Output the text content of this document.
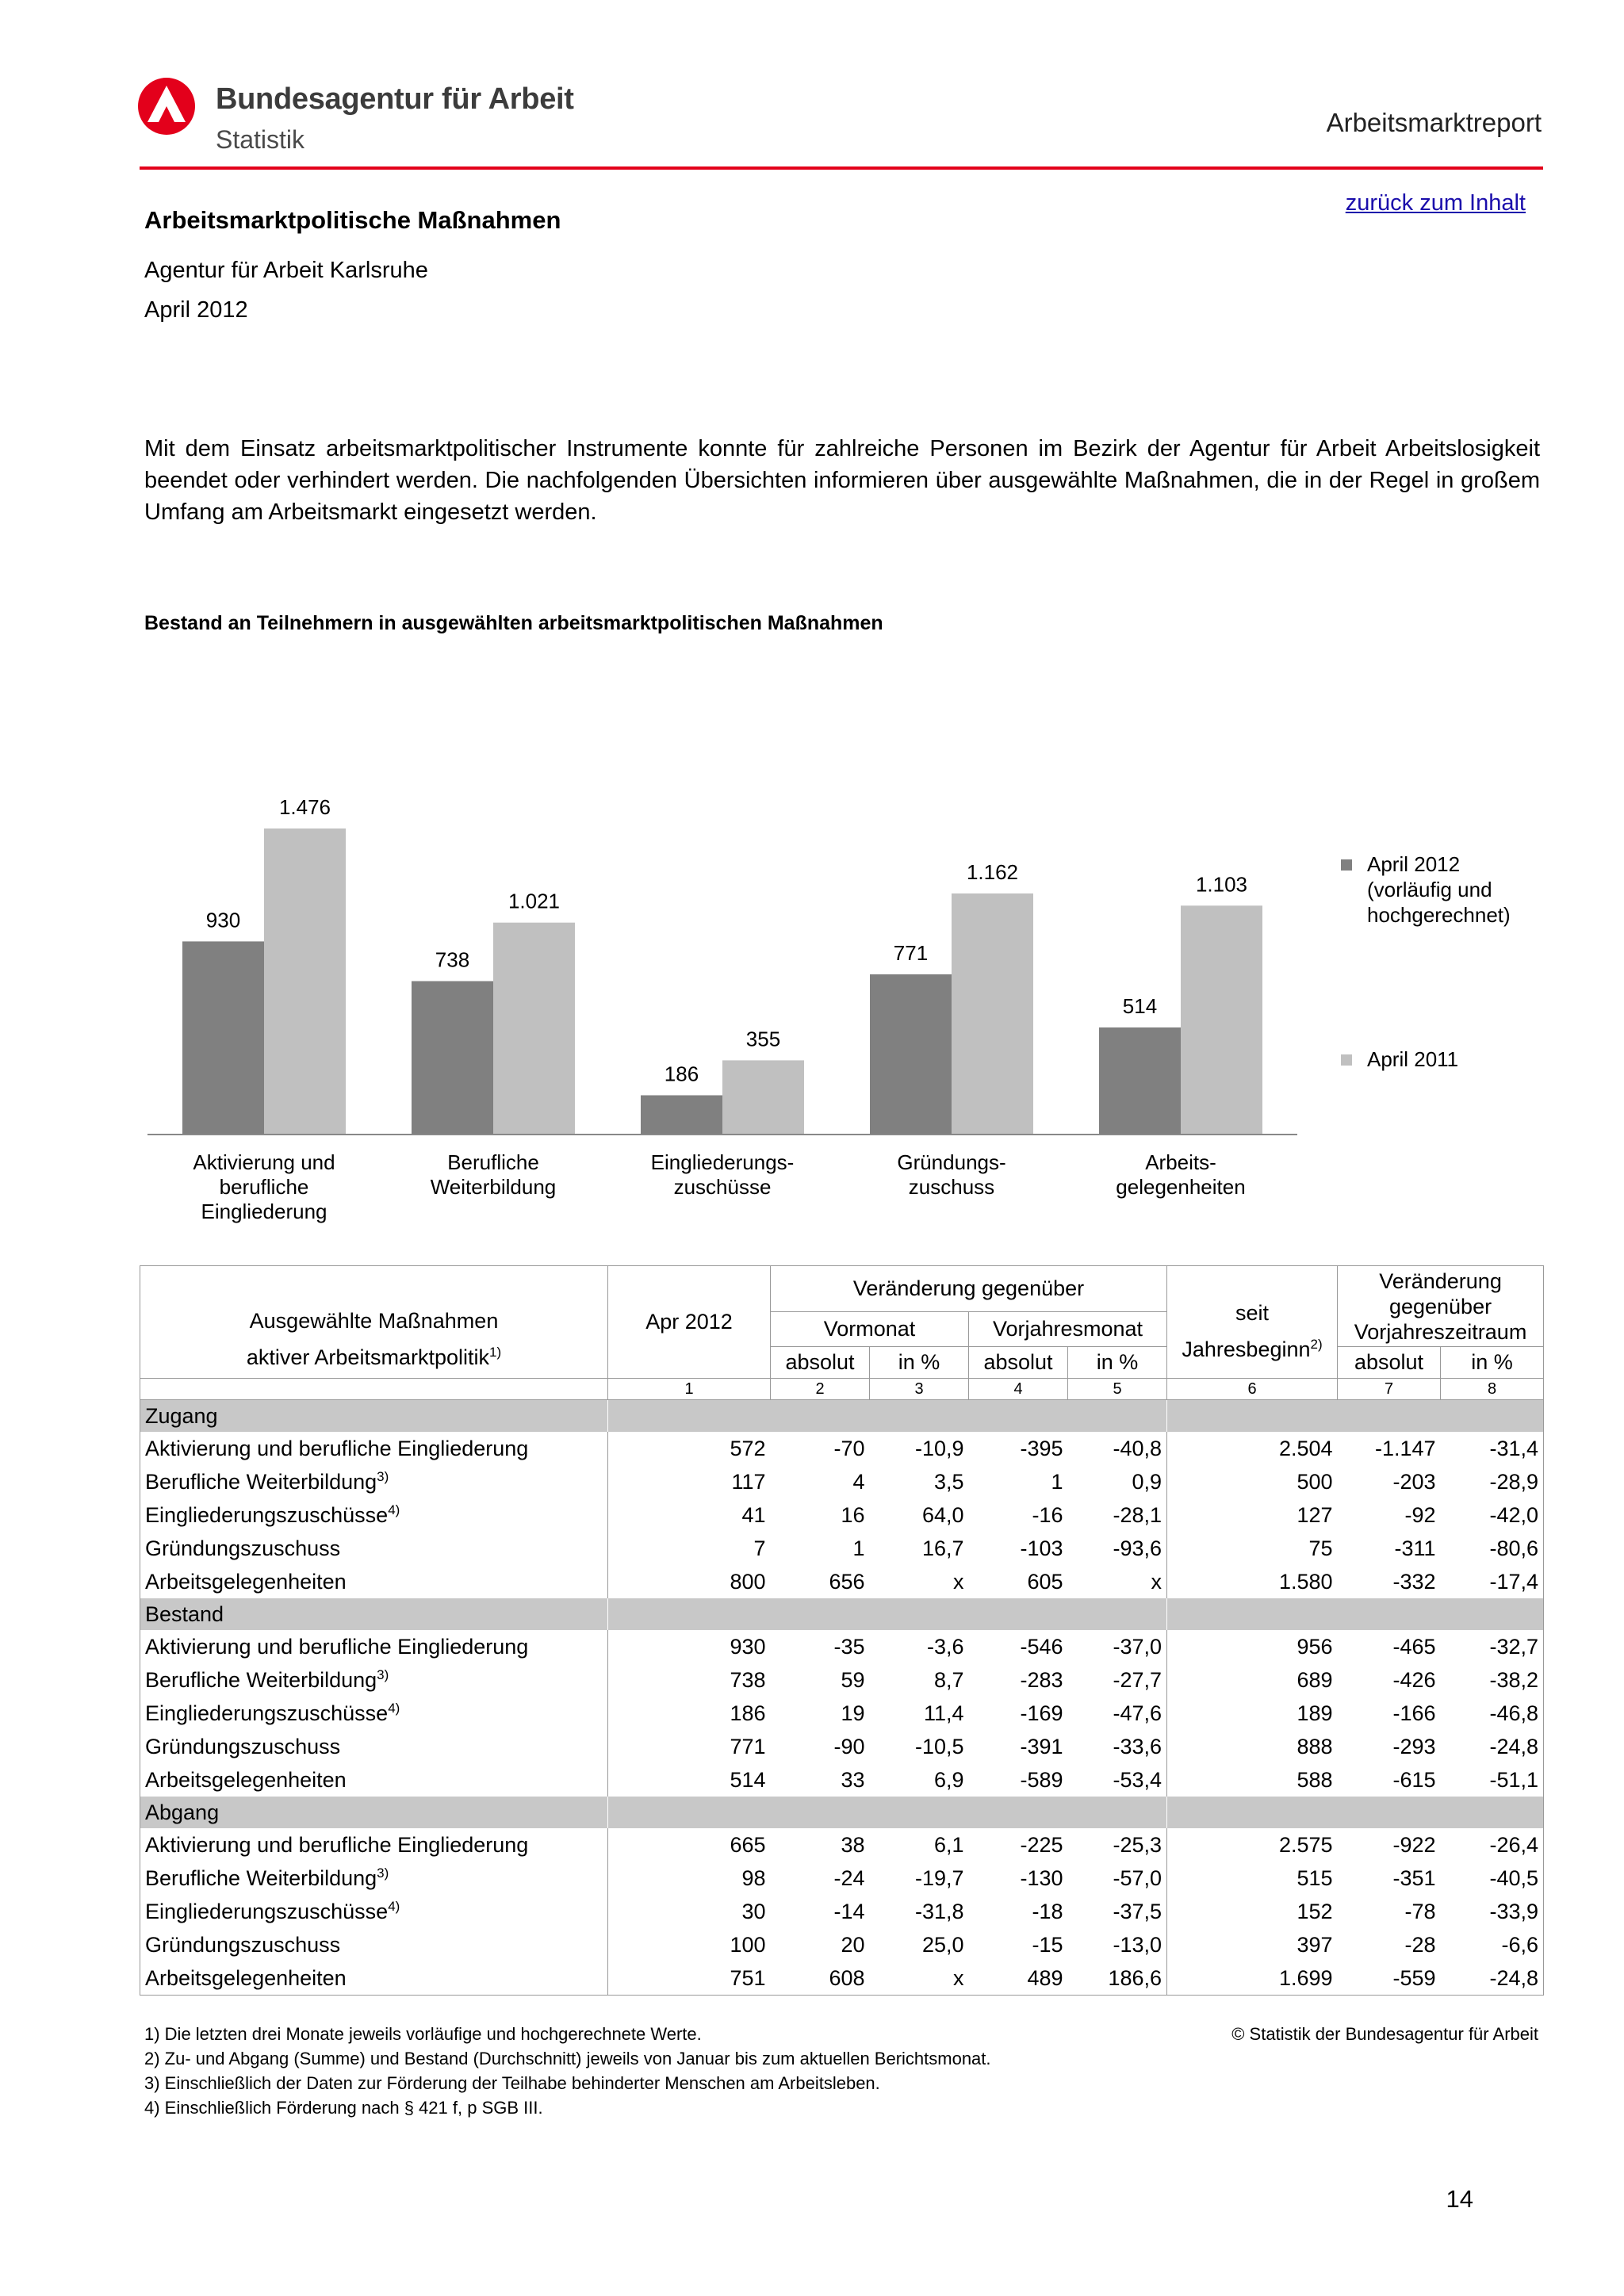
Bundesagentur für Arbeit
Statistik
Arbeitsmarktreport
zurück zum Inhalt
Arbeitsmarktpolitische Maßnahmen
Agentur für Arbeit Karlsruhe
April 2012
Mit dem Einsatz arbeitsmarktpolitischer Instrumente konnte für zahlreiche Personen im Bezirk der Agentur für Arbeit Arbeitslosigkeit beendet oder verhindert werden. Die nachfolgenden Übersichten informieren über ausgewählte Maßnahmen, die in der Regel in großem Umfang am Arbeitsmarkt eingesetzt werden.
Bestand an Teilnehmern in ausgewählten arbeitsmarktpolitischen Maßnahmen
930
738
186
771
514
April 2012
(vorläufig und
hochgerechnet)
1.476
1.021
355
1.162
1.103
April 2011
Aktivierung und
berufliche
Eingliederung
Berufliche
Weiterbildung
Eingliederungs-
zuschüsse
Gründungs-
zuschuss
Arbeits-
gelegenheiten
Ausgewählte Maßnahmen
aktiver Arbeitsmarktpolitik$^{1)}$	Apr 2012	Veränderung gegenüber				seit
Jahresbeginn$^{2)}$	Veränderung
gegenüber
Vorjahreszeitraum	
		Vormonat		Vorjahresmonat				
		absolut	in %	absolut	in %		absolut	in %
	1	2	3	4	5	6	7	8
Zugang								
Aktivierung und berufliche Eingliederung	572	-70	-10,9	-395	-40,8	2.504	-1.147	-31,4
Berufliche Weiterbildung$^{3)}$	117	4	3,5	1	0,9	500	-203	-28,9
Eingliederungszuschüsse$^{4)}$	41	16	64,0	-16	-28,1	127	-92	-42,0
Gründungszuschuss	7	1	16,7	-103	-93,6	75	-311	-80,6
Arbeitsgelegenheiten	800	656	x	605	x	1.580	-332	-17,4
Bestand								
Aktivierung und berufliche Eingliederung	930	-35	-3,6	-546	-37,0	956	-465	-32,7
Berufliche Weiterbildung$^{3)}$	738	59	8,7	-283	-27,7	689	-426	-38,2
Eingliederungszuschüsse$^{4)}$	186	19	11,4	-169	-47,6	189	-166	-46,8
Gründungszuschuss	771	-90	-10,5	-391	-33,6	888	-293	-24,8
Arbeitsgelegenheiten	514	33	6,9	-589	-53,4	588	-615	-51,1
Abgang								
Aktivierung und berufliche Eingliederung	665	38	6,1	-225	-25,3	2.575	-922	-26,4
Berufliche Weiterbildung$^{3)}$	98	-24	-19,7	-130	-57,0	515	-351	-40,5
Eingliederungszuschüsse$^{4)}$	30	-14	-31,8	-18	-37,5	152	-78	-33,9
Gründungszuschuss	100	20	25,0	-15	-13,0	397	-28	-6,6
Arbeitsgelegenheiten	751	608	x	489	186,6	1.699	-559	-24,8
1) Die letzten drei Monate jeweils vorläufige und hochgerechnete Werte.
2) Zu- und Abgang (Summe) und Bestand (Durchschnitt) jeweils von Januar bis zum aktuellen Berichtsmonat.
3) Einschließlich der Daten zur Förderung der Teilhabe behinderter Menschen am Arbeitsleben.
4) Einschließlich Förderung nach § 421 f, p SGB III.
© Statistik der Bundesagentur für Arbeit
14
